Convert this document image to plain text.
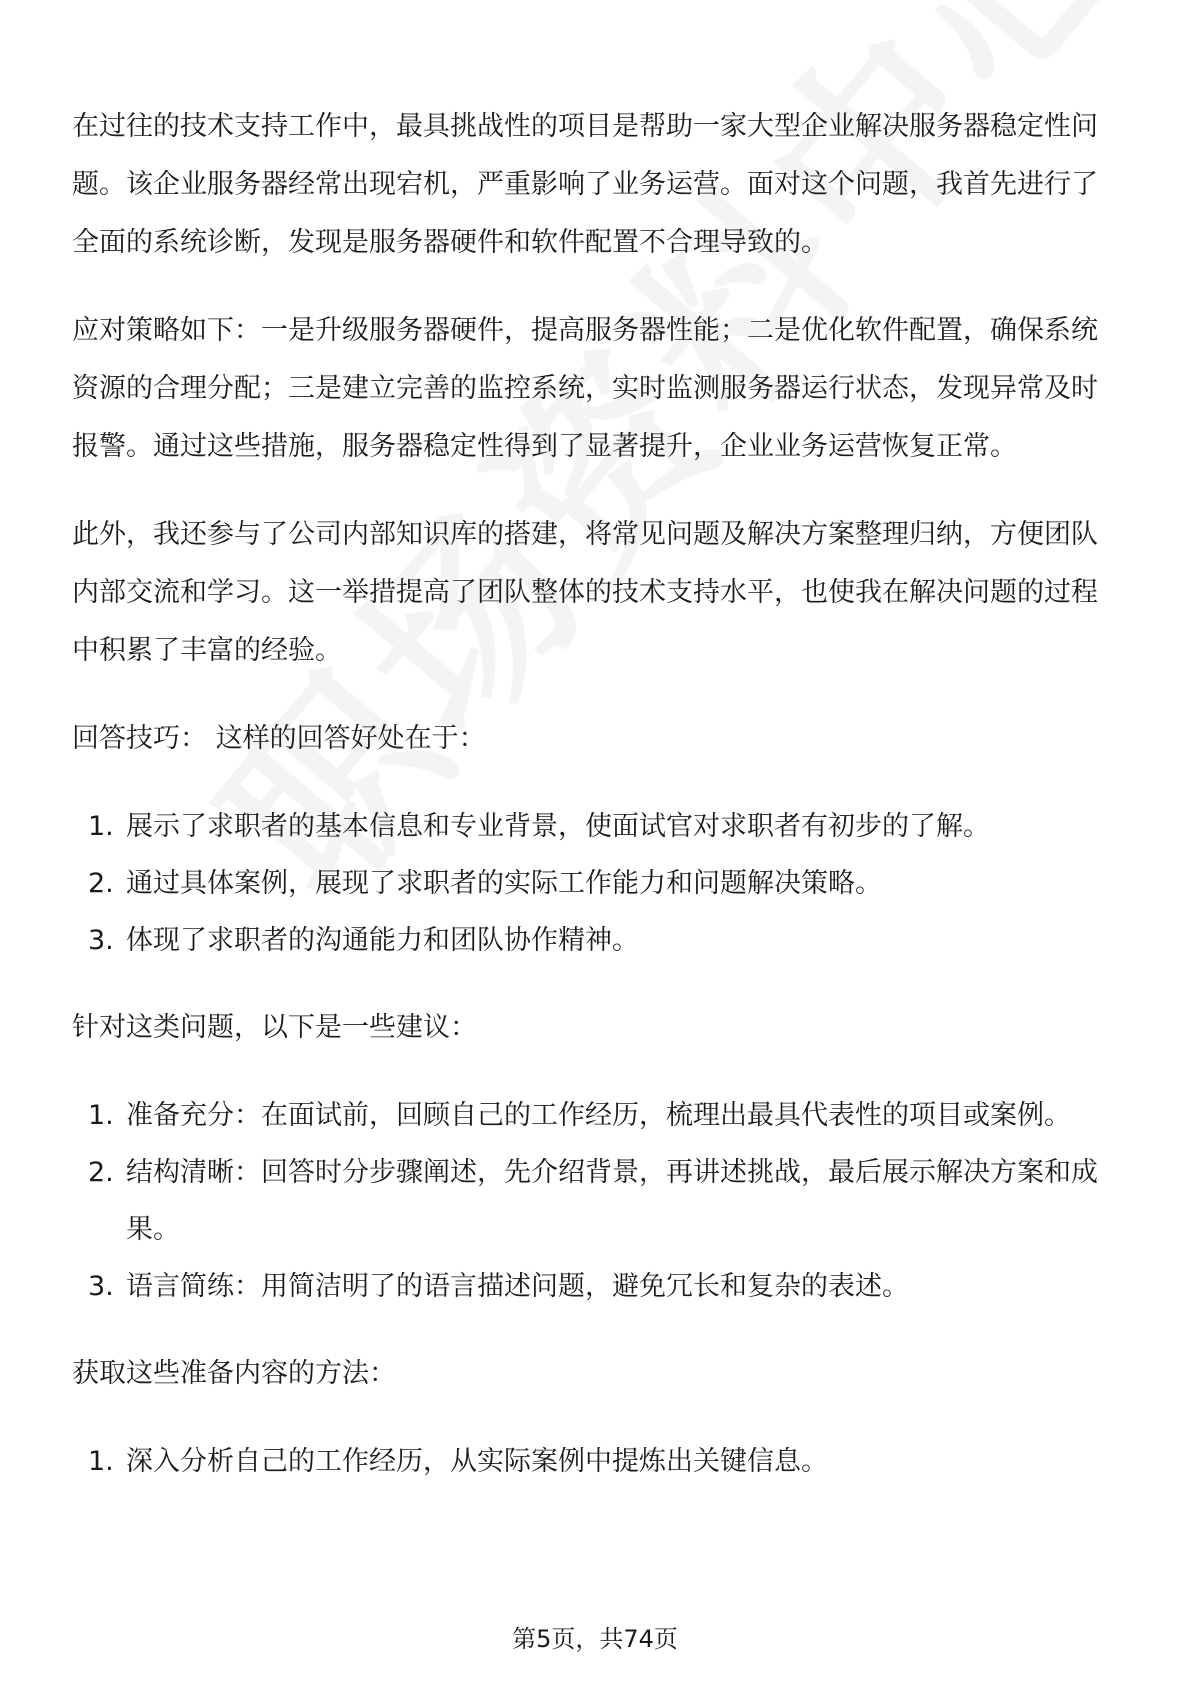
在过往的技术支持工作中，最具挑战性的项目是帮助一家大型企业解决服务器稳定性问题。该企业服务器经常出现宕机，严重影响了业务运营。面对这个问题，我首先进行了全面的系统诊断，发现是服务器硬件和软件配置不合理导致的。

应对策略如下：一是升级服务器硬件，提高服务器性能；二是优化软件配置，确保系统资源的合理分配；三是建立完善的监控系统，实时监测服务器运行状态，发现异常及时报警。通过这些措施，服务器稳定性得到了显著提升，企业业务运营恢复正常。

此外，我还参与了公司内部知识库的搭建，将常见问题及解决方案整理归纳，方便团队内部交流和学习。这一举措提高了团队整体的技术支持水平，也使我在解决问题的过程中积累了丰富的经验。

回答技巧： 这样的回答好处在于：

1. 展示了求职者的基本信息和专业背景，使面试官对求职者有初步的了解。
2. 通过具体案例，展现了求职者的实际工作能力和问题解决策略。
3. 体现了求职者的沟通能力和团队协作精神。

针对这类问题，以下是一些建议：

1. 准备充分：在面试前，回顾自己的工作经历，梳理出最具代表性的项目或案例。
2. 结构清晰：回答时分步骤阐述，先介绍背景，再讲述挑战，最后展示解决方案和成果。
3. 语言简练：用简洁明了的语言描述问题，避免冗长和复杂的表述。

获取这些准备内容的方法：

1. 深入分析自己的工作经历，从实际案例中提炼出关键信息。
第5页，共74页
